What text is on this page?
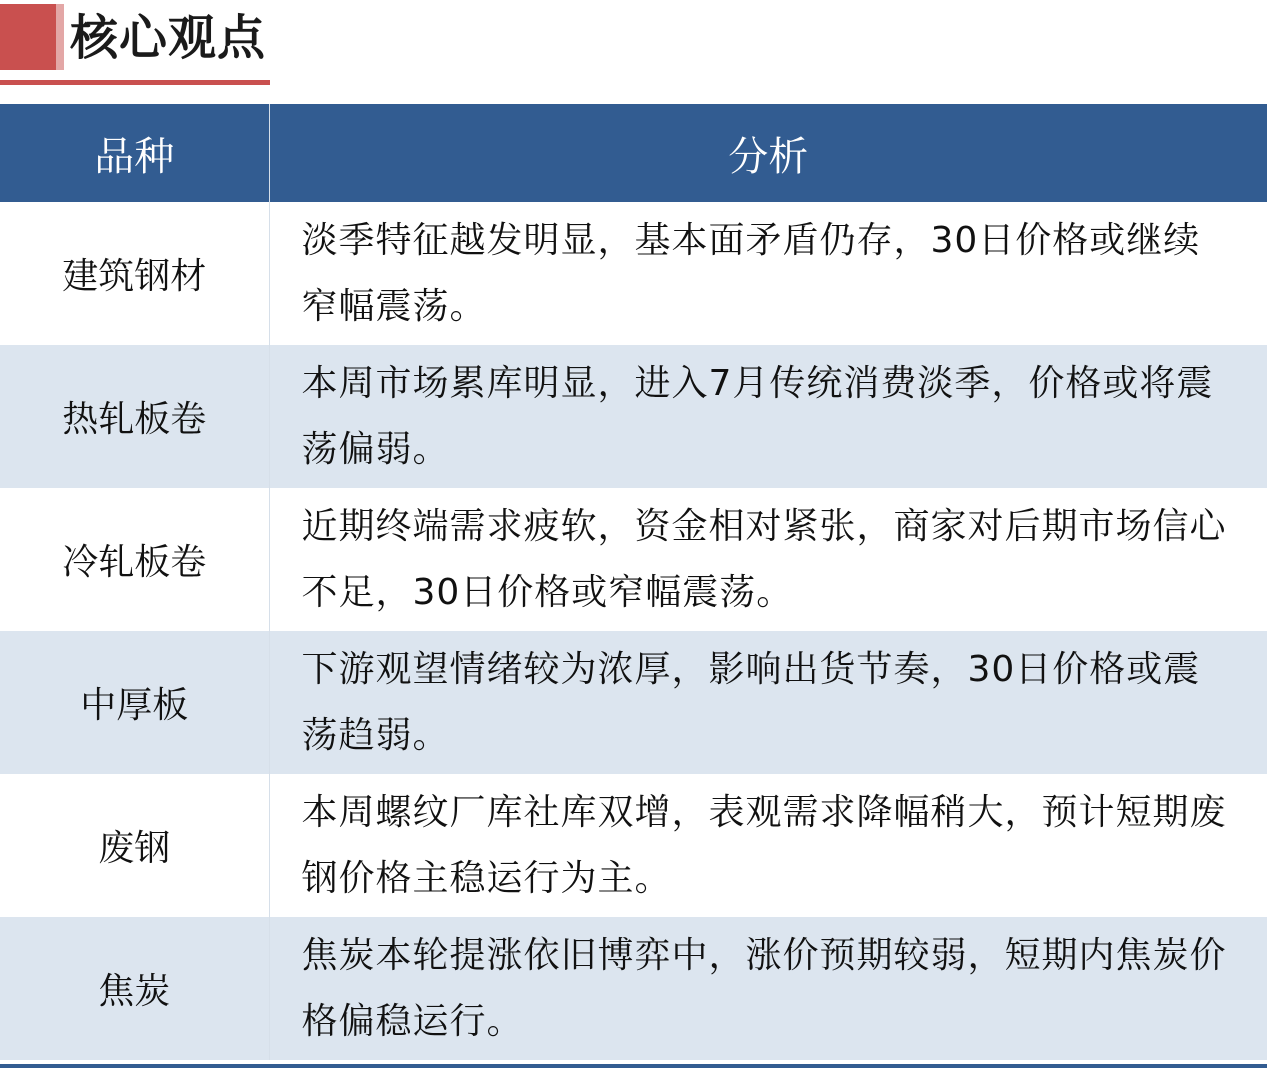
核心观点
品种	分析
建筑钢材	淡季特征越发明显，基本面矛盾仍存，30日价格或继续窄幅震荡。
热轧板卷	本周市场累库明显，进入7月传统消费淡季，价格或将震荡偏弱。
冷轧板卷	近期终端需求疲软，资金相对紧张，商家对后期市场信心不足，30日价格或窄幅震荡。
中厚板	下游观望情绪较为浓厚，影响出货节奏，30日价格或震荡趋弱。
废钢	本周螺纹厂库社库双增，表观需求降幅稍大，预计短期废钢价格主稳运行为主。
焦炭	焦炭本轮提涨依旧博弈中，涨价预期较弱，短期内焦炭价格偏稳运行。
